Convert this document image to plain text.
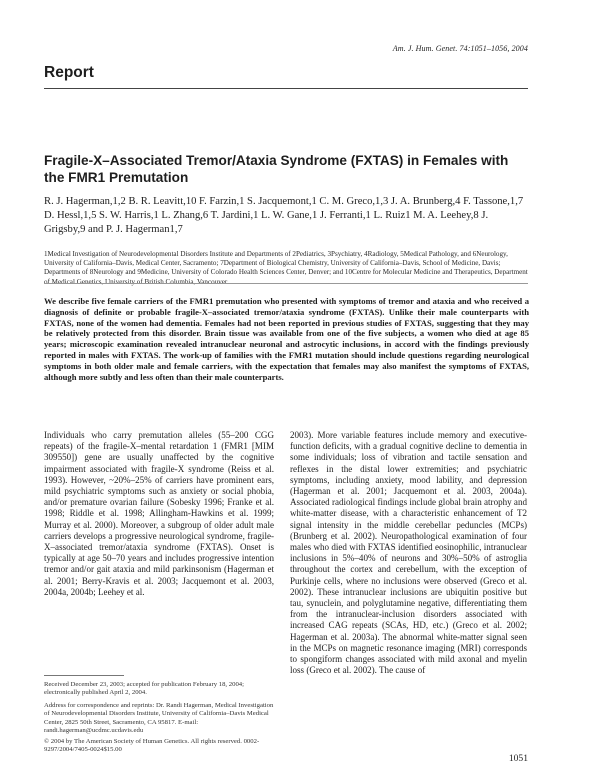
Am. J. Hum. Genet. 74:1051–1056, 2004
Report
Fragile-X–Associated Tremor/Ataxia Syndrome (FXTAS) in Females with the FMR1 Premutation
R. J. Hagerman,1,2 B. R. Leavitt,10 F. Farzin,1 S. Jacquemont,1 C. M. Greco,1,3 J. A. Brunberg,4 F. Tassone,1,7 D. Hessl,1,5 S. W. Harris,1 L. Zhang,6 T. Jardini,1 L. W. Gane,1 J. Ferranti,1 L. Ruiz1 M. A. Leehey,8 J. Grigsby,9 and P. J. Hagerman1,7
1Medical Investigation of Neurodevelopmental Disorders Institute and Departments of 2Pediatrics, 3Psychiatry, 4Radiology, 5Medical Pathology, and 6Neurology, University of California–Davis, Medical Center, Sacramento; 7Department of Biological Chemistry, University of California–Davis, School of Medicine, Davis; Departments of 8Neurology and 9Medicine, University of Colorado Health Sciences Center, Denver; and 10Centre for Molecular Medicine and Therapeutics, Department of Medical Genetics, University of British Columbia, Vancouver
We describe five female carriers of the FMR1 premutation who presented with symptoms of tremor and ataxia and who received a diagnosis of definite or probable fragile-X–associated tremor/ataxia syndrome (FXTAS). Unlike their male counterparts with FXTAS, none of the women had dementia. Females had not been reported in previous studies of FXTAS, suggesting that they may be relatively protected from this disorder. Brain tissue was available from one of the five subjects, a women who died at age 85 years; microscopic examination revealed intranuclear neuronal and astrocytic inclusions, in accord with the findings previously reported in males with FXTAS. The work-up of families with the FMR1 mutation should include questions regarding neurological symptoms in both older male and female carriers, with the expectation that females may also manifest the symptoms of FXTAS, although more subtly and less often than their male counterparts.

Individuals who carry premutation alleles (55–200 CGG repeats) of the fragile-X–mental retardation 1 (FMR1 [MIM 309550]) gene are usually unaffected by the cognitive impairment associated with fragile-X syndrome (Reiss et al. 1993). However, ~20%–25% of carriers have prominent ears, mild psychiatric symptoms such as anxiety or social phobia, and/or premature ovarian failure (Sobesky 1996; Franke et al. 1998; Riddle et al. 1998; Allingham-Hawkins et al. 1999; Murray et al. 2000). Moreover, a subgroup of older adult male carriers develops a progressive neurological syndrome, fragile-X–associated tremor/ataxia syndrome (FXTAS). Onset is typically at age 50–70 years and includes progressive intention tremor and/or gait ataxia and mild parkinsonism (Hagerman et al. 2001; Berry-Kravis et al. 2003; Jacquemont et al. 2003, 2004a, 2004b; Leehey et al.

2003). More variable features include memory and executive-function deficits, with a gradual cognitive decline to dementia in some individuals; loss of vibration and tactile sensation and reflexes in the distal lower extremities; and psychiatric symptoms, including anxiety, mood lability, and depression (Hagerman et al. 2001; Jacquemont et al. 2003, 2004a). Associated radiological findings include global brain atrophy and white-matter disease, with a characteristic enhancement of T2 signal intensity in the middle cerebellar peduncles (MCPs) (Brunberg et al. 2002). Neuropathological examination of four males who died with FXTAS identified eosinophilic, intranuclear inclusions in 5%–40% of neurons and 30%–50% of astroglia throughout the cortex and cerebellum, with the exception of Purkinje cells, where no inclusions were observed (Greco et al. 2002). These intranuclear inclusions are ubiquitin positive but tau, synuclein, and polyglutamine negative, differentiating them from the intranuclear-inclusion disorders associated with increased CAG repeats (SCAs, HD, etc.) (Greco et al. 2002; Hagerman et al. 2003a). The abnormal white-matter signal seen in the MCPs on magnetic resonance imaging (MRI) corresponds to spongiform changes associated with mild axonal and myelin loss (Greco et al. 2002). The cause of

Received December 23, 2003; accepted for publication February 18, 2004; electronically published April 2, 2004.
Address for correspondence and reprints: Dr. Randi Hagerman, Medical Investigation of Neurodevelopmental Disorders Institute, University of California–Davis Medical Center, 2825 50th Street, Sacramento, CA 95817. E-mail: randi.hagerman@ucdmc.ucdavis.edu
© 2004 by The American Society of Human Genetics. All rights reserved. 0002-9297/2004/7405-0024$15.00
1051
